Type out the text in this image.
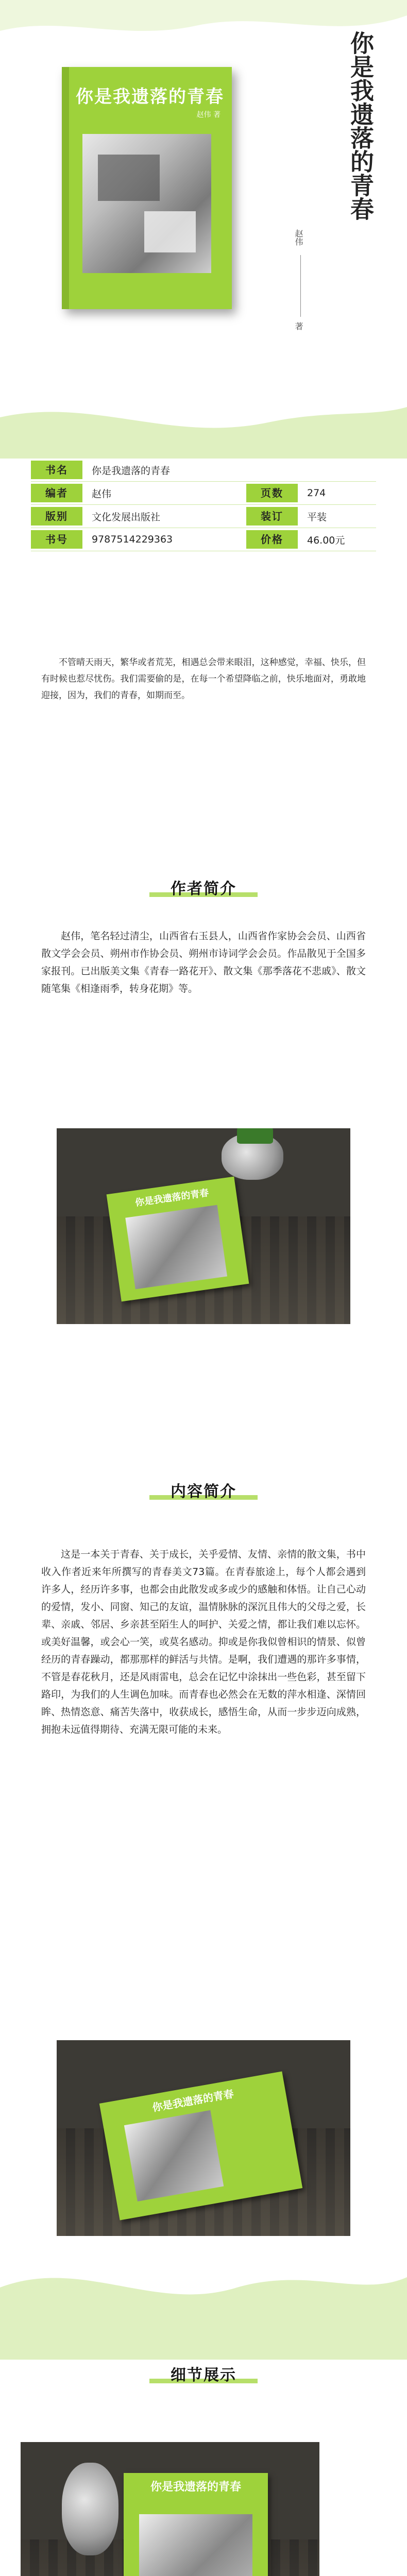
你是我遗落的青春
赵伟 著	你是我遗落的青春
赵伟
著
书名	你是我遗落的青春
编者	赵伟	页数	274
版别	文化发展出版社	装订	平装
书号	9787514229363	价格	46.00元
不管晴天雨天，繁华或者荒芜，相遇总会带来眼泪，这种感觉，幸福、快乐，但有时候也惹尽忧伤。我们需要偷的是，在每一个希望降临之前，快乐地面对，勇敢地迎接，因为，我们的青春，如期而至。
作者简介
赵伟，笔名轻过清尘，山西省右玉县人，山西省作家协会会员、山西省散文学会会员、朔州市作协会员、朔州市诗词学会会员。作品散见于全国多家报刊。已出版美文集《青春一路花开》、散文集《那季落花不悲戚》、散文随笔集《相逢雨季，转身花期》等。
你是我遗落的青春
内容简介
这是一本关于青春、关于成长，关乎爱情、友情、亲情的散文集，书中收入作者近来年所撰写的青春美文73篇。在青春旅途上，每个人都会遇到许多人，经历许多事，也都会由此散发或多或少的感触和体悟。让自己心动的爱情，发小、同窗、知己的友谊，温情脉脉的深沉且伟大的父母之爱，长辈、亲戚、邻居、乡亲甚至陌生人的呵护、关爱之情，都让我们难以忘怀。或美好温馨，或会心一笑，或莫名感动。抑或是你我似曾相识的情景、似曾经历的青春躁动，都那那样的鲜活与共情。是啊，我们遭遇的那许多事情，不管是春花秋月，还是风雨雷电，总会在记忆中涂抹出一些色彩，甚至留下路印，为我们的人生调色加味。而青春也必然会在无数的萍水相逢、深情回眸、热情恣意、痛苦失落中，收获成长，感悟生命，从而一步步迈向成熟，拥抱未远值得期待、充满无限可能的未来。
你是我遗落的青春
细节展示
你是我遗落的青春
